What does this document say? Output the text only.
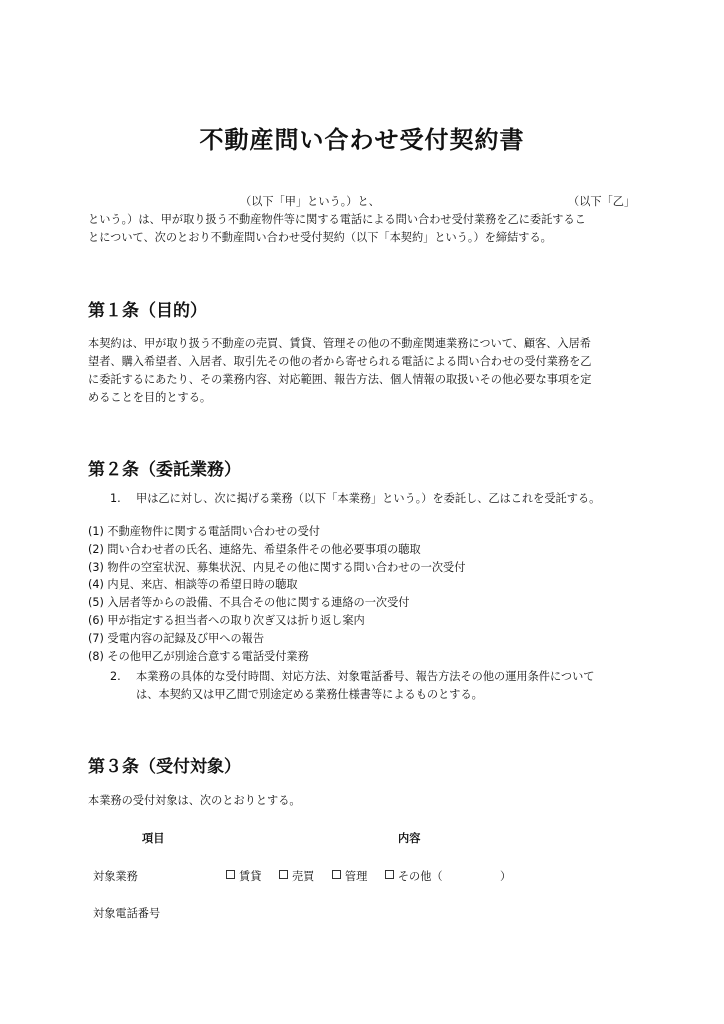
不動産問い合わせ受付契約書
（以下「甲」という。）と、	（以下「乙」
という。）は、甲が取り扱う不動産物件等に関する電話による問い合わせ受付業務を乙に委託するこ
とについて、次のとおり不動産問い合わせ受付契約（以下「本契約」という。）を締結する。
第１条（目的）
本契約は、甲が取り扱う不動産の売買、賃貸、管理その他の不動産関連業務について、顧客、入居希
望者、購入希望者、入居者、取引先その他の者から寄せられる電話による問い合わせの受付業務を乙
に委託するにあたり、その業務内容、対応範囲、報告方法、個人情報の取扱いその他必要な事項を定
めることを目的とする。
第２条（委託業務）
1. 甲は乙に対し、次に掲げる業務（以下「本業務」という。）を委託し、乙はこれを受託する。
(1) 不動産物件に関する電話問い合わせの受付
(2) 問い合わせ者の氏名、連絡先、希望条件その他必要事項の聴取
(3) 物件の空室状況、募集状況、内見その他に関する問い合わせの一次受付
(4) 内見、来店、相談等の希望日時の聴取
(5) 入居者等からの設備、不具合その他に関する連絡の一次受付
(6) 甲が指定する担当者への取り次ぎ又は折り返し案内
(7) 受電内容の記録及び甲への報告
(8) その他甲乙が別途合意する電話受付業務
2. 本業務の具体的な受付時間、対応方法、対象電話番号、報告方法その他の運用条件について
は、本契約又は甲乙間で別途定める業務仕様書等によるものとする。
第３条（受付対象）
本業務の受付対象は、次のとおりとする。
項目	内容
対象業務	賃貸	売買	管理	その他（	）
対象電話番号
